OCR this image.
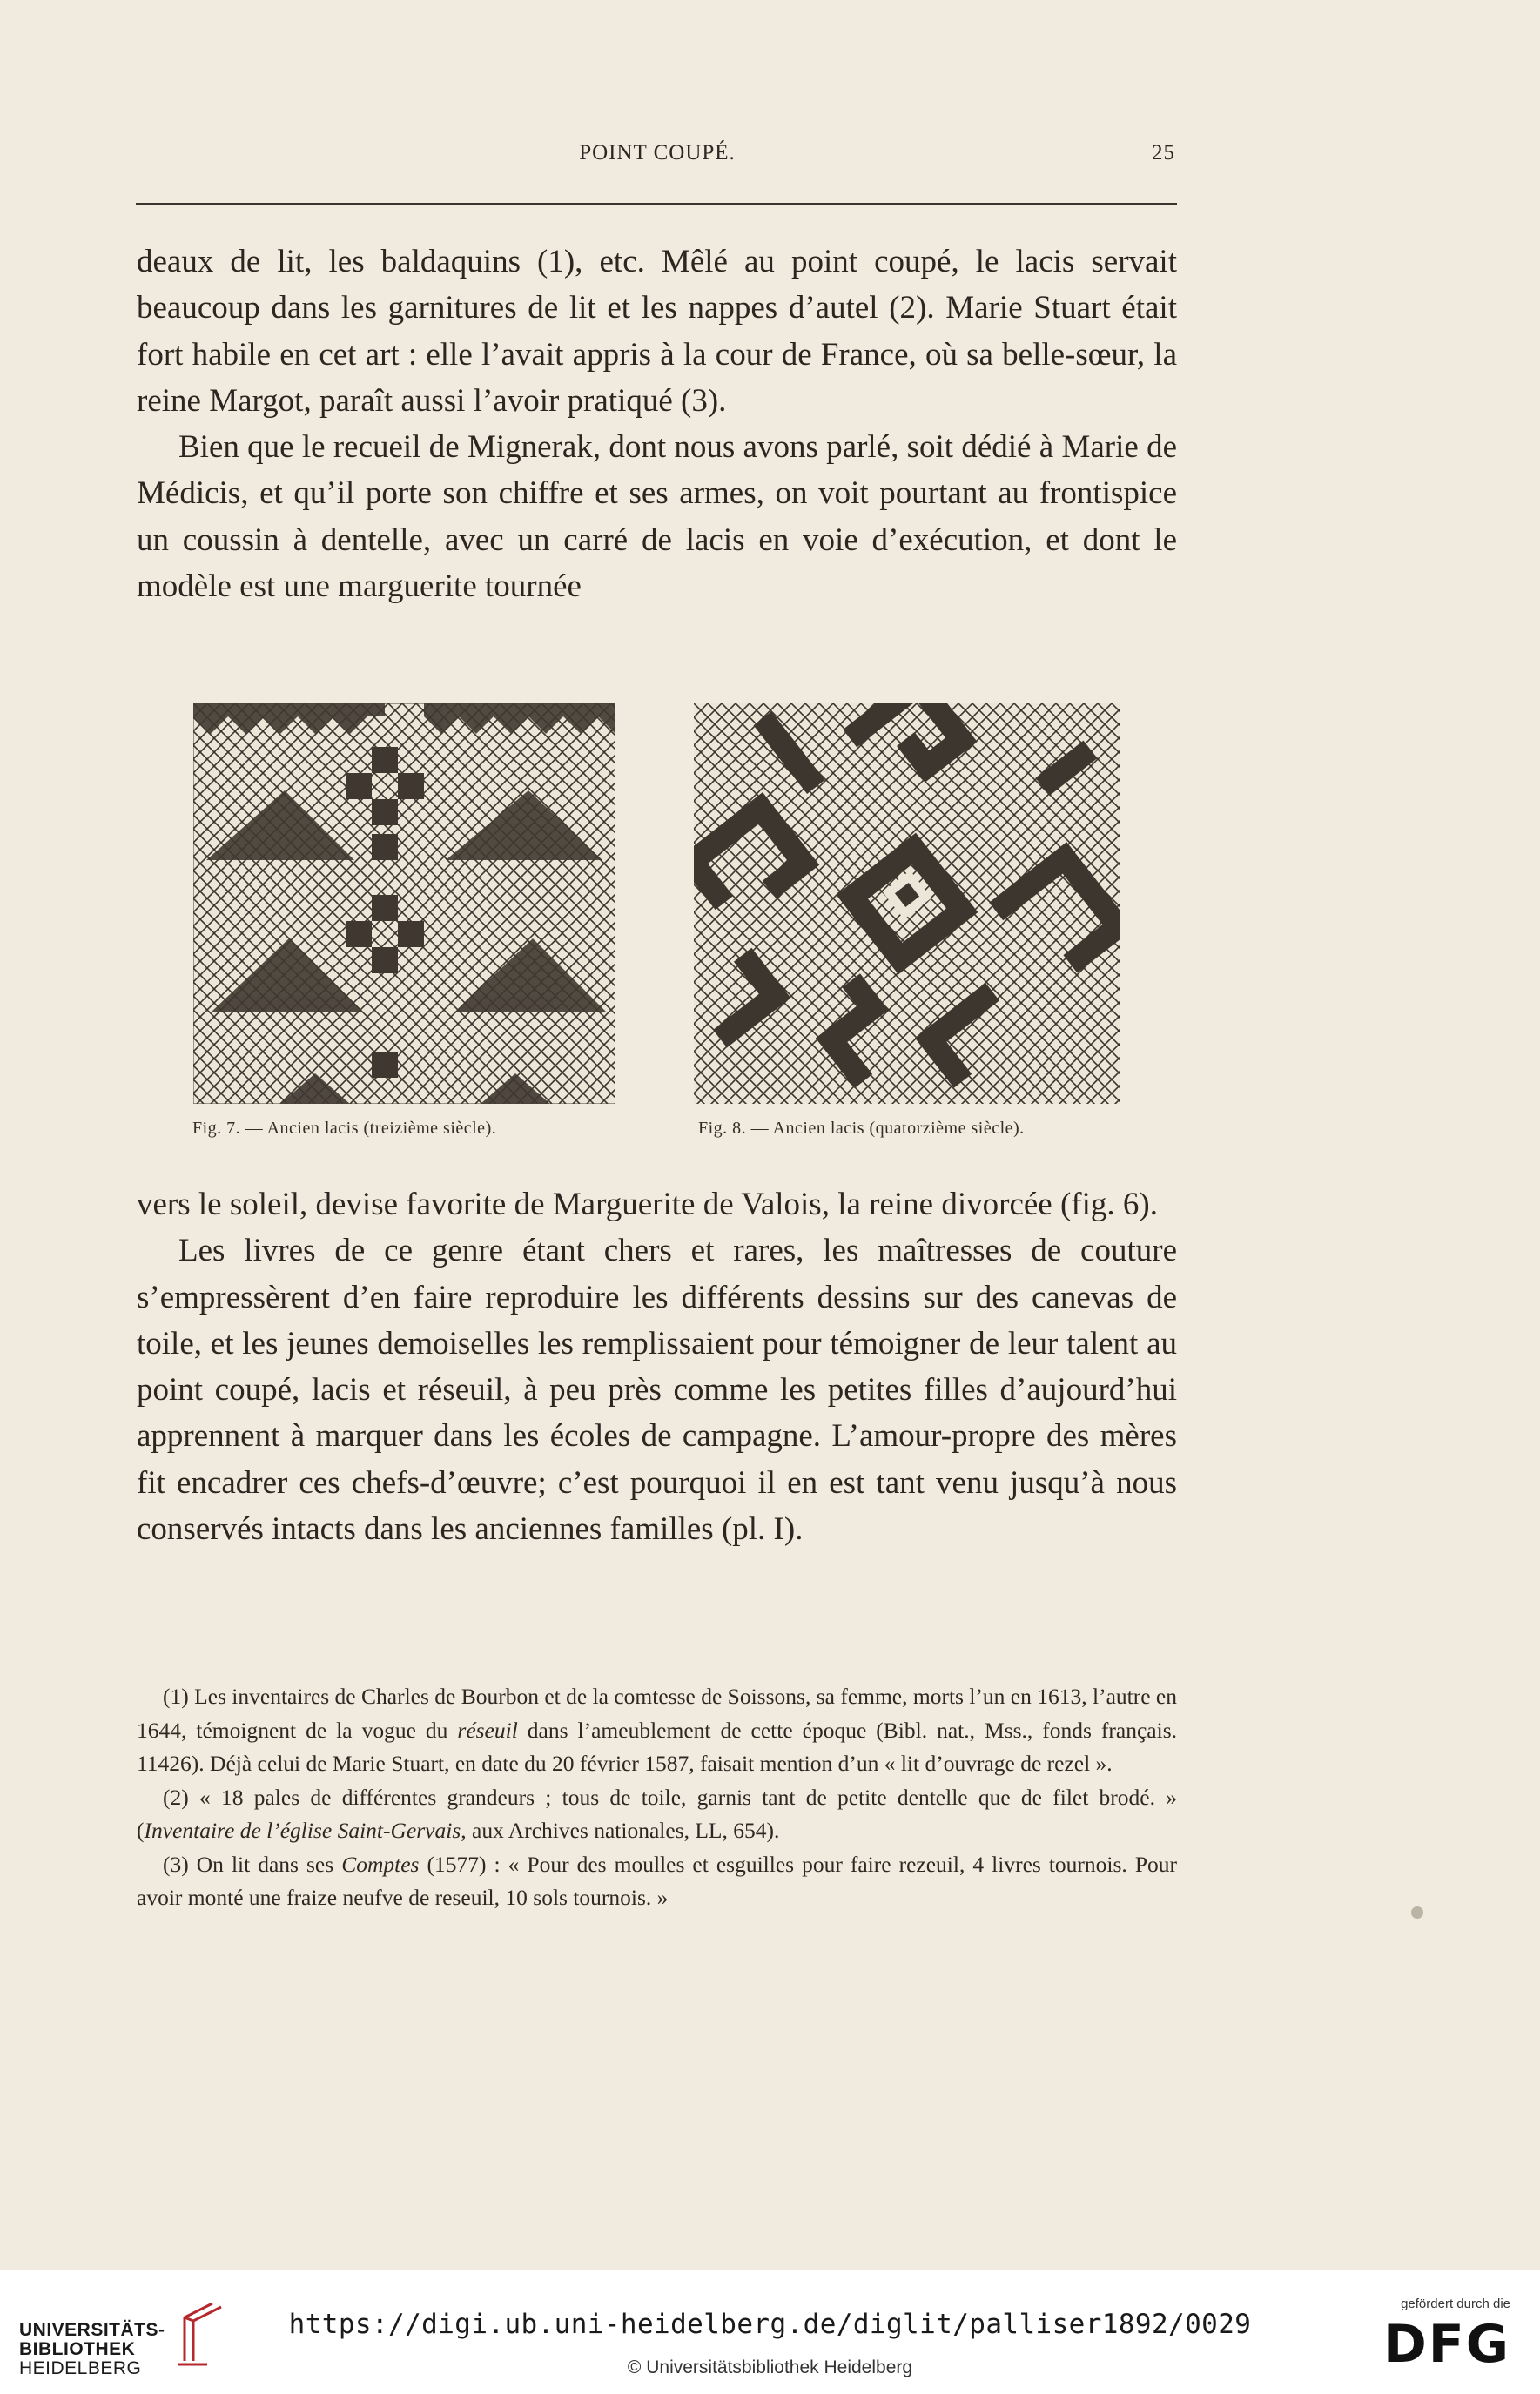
POINT COUPÉ.	25

deaux de lit, les baldaquins (1), etc. Mêlé au point coupé, le lacis servait beaucoup dans les garnitures de lit et les nappes d’autel (2). Marie Stuart était fort habile en cet art : elle l’avait appris à la cour de France, où sa belle-sœur, la reine Margot, paraît aussi l’avoir pratiqué (3).

Bien que le recueil de Mignerak, dont nous avons parlé, soit dédié à Marie de Médicis, et qu’il porte son chiffre et ses armes, on voit pourtant au frontispice un coussin à dentelle, avec un carré de lacis en voie d’exécution, et dont le modèle est une marguerite tournée

Fig. 7. — Ancien lacis (treizième siècle).	Fig. 8. — Ancien lacis (quatorzième siècle).

vers le soleil, devise favorite de Marguerite de Valois, la reine divorcée (fig. 6).

Les livres de ce genre étant chers et rares, les maîtresses de couture s’empressèrent d’en faire reproduire les différents dessins sur des canevas de toile, et les jeunes demoiselles les remplissaient pour témoigner de leur talent au point coupé, lacis et réseuil, à peu près comme les petites filles d’aujourd’hui apprennent à marquer dans les écoles de campagne. L’amour-propre des mères fit encadrer ces chefs-d’œuvre; c’est pourquoi il en est tant venu jusqu’à nous conservés intacts dans les anciennes familles (pl. I).

(1) Les inventaires de Charles de Bourbon et de la comtesse de Soissons, sa femme, morts l’un en 1613, l’autre en 1644, témoignent de la vogue du réseuil dans l’ameublement de cette époque (Bibl. nat., Mss., fonds français. 11426). Déjà celui de Marie Stuart, en date du 20 février 1587, faisait mention d’un « lit d’ouvrage de rezel ».

(2) « 18 pales de différentes grandeurs ; tous de toile, garnis tant de petite dentelle que de filet brodé. » (Inventaire de l’église Saint-Gervais, aux Archives nationales, LL, 654).

(3) On lit dans ses Comptes (1577) : « Pour des moulles et esguilles pour faire rezeuil, 4 livres tournois. Pour avoir monté une fraize neufve de reseuil, 10 sols tournois. »

UNIVERSITÄTS-
BIBLIOTHEK
HEIDELBERG
https://digi.ub.uni-heidelberg.de/diglit/palliser1892/0029
© Universitätsbibliothek Heidelberg
gefördert durch die
DFG
